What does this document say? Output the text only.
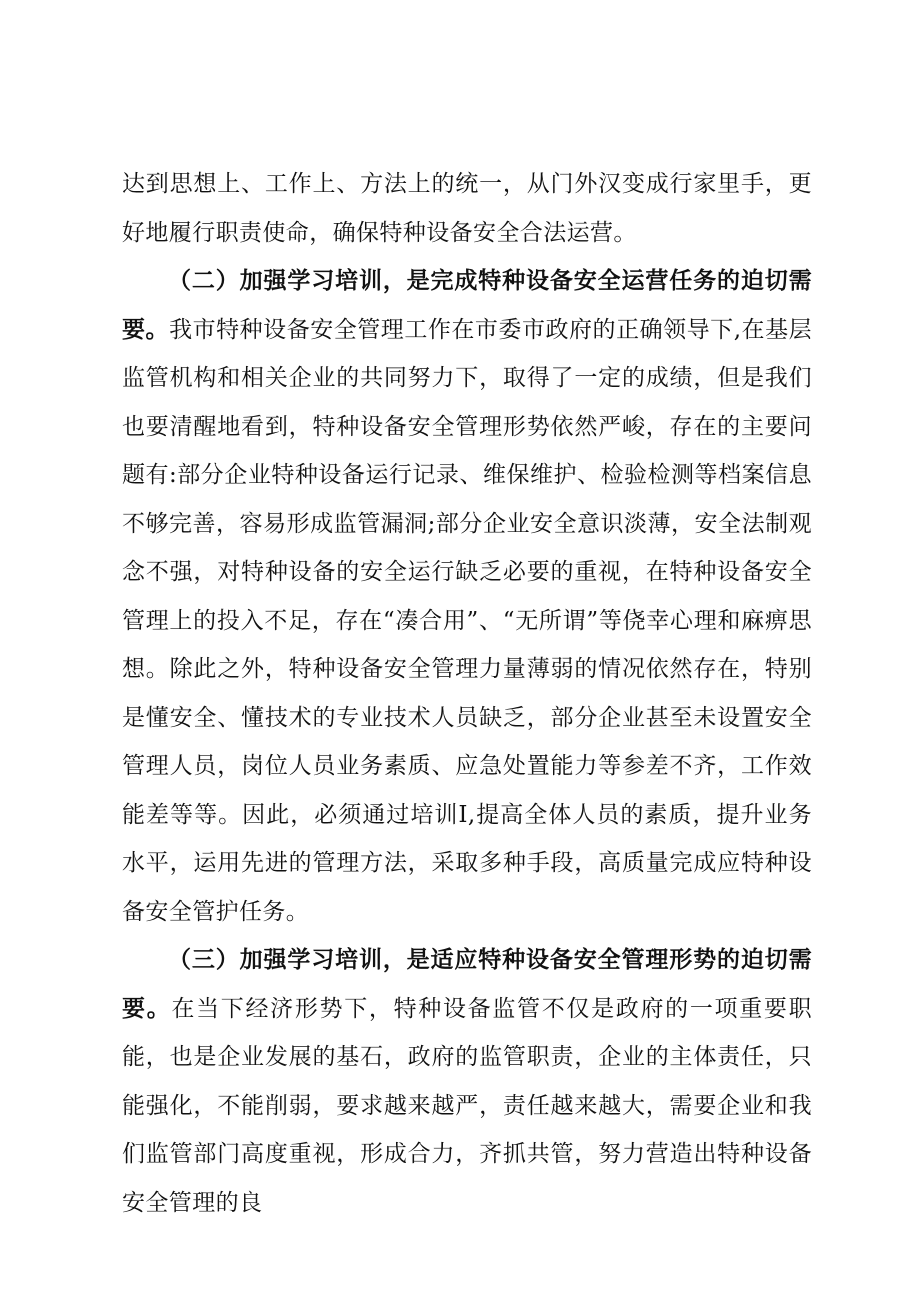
达到思想上、工作上、方法上的统一，从门外汉变成行家里手，更好地履行职责使命，确保特种设备安全合法运营。

（二）加强学习培训，是完成特种设备安全运营任务的迫切需要。我市特种设备安全管理工作在市委市政府的正确领导下,在基层监管机构和相关企业的共同努力下，取得了一定的成绩，但是我们也要清醒地看到，特种设备安全管理形势依然严峻，存在的主要问题有:部分企业特种设备运行记录、维保维护、检验检测等档案信息不够完善，容易形成监管漏洞;部分企业安全意识淡薄，安全法制观念不强，对特种设备的安全运行缺乏必要的重视，在特种设备安全管理上的投入不足，存在“凑合用”、“无所谓”等侥幸心理和麻痹思想。除此之外，特种设备安全管理力量薄弱的情况依然存在，特别是懂安全、懂技术的专业技术人员缺乏，部分企业甚至未设置安全管理人员，岗位人员业务素质、应急处置能力等参差不齐，工作效能差等等。因此，必须通过培训I,提高全体人员的素质，提升业务水平，运用先进的管理方法，采取多种手段，高质量完成应特种设备安全管护任务。

（三）加强学习培训，是适应特种设备安全管理形势的迫切需要。在当下经济形势下，特种设备监管不仅是政府的一项重要职能，也是企业发展的基石，政府的监管职责，企业的主体责任，只能强化，不能削弱，要求越来越严，责任越来越大，需要企业和我们监管部门高度重视，形成合力，齐抓共管，努力营造出特种设备安全管理的良
